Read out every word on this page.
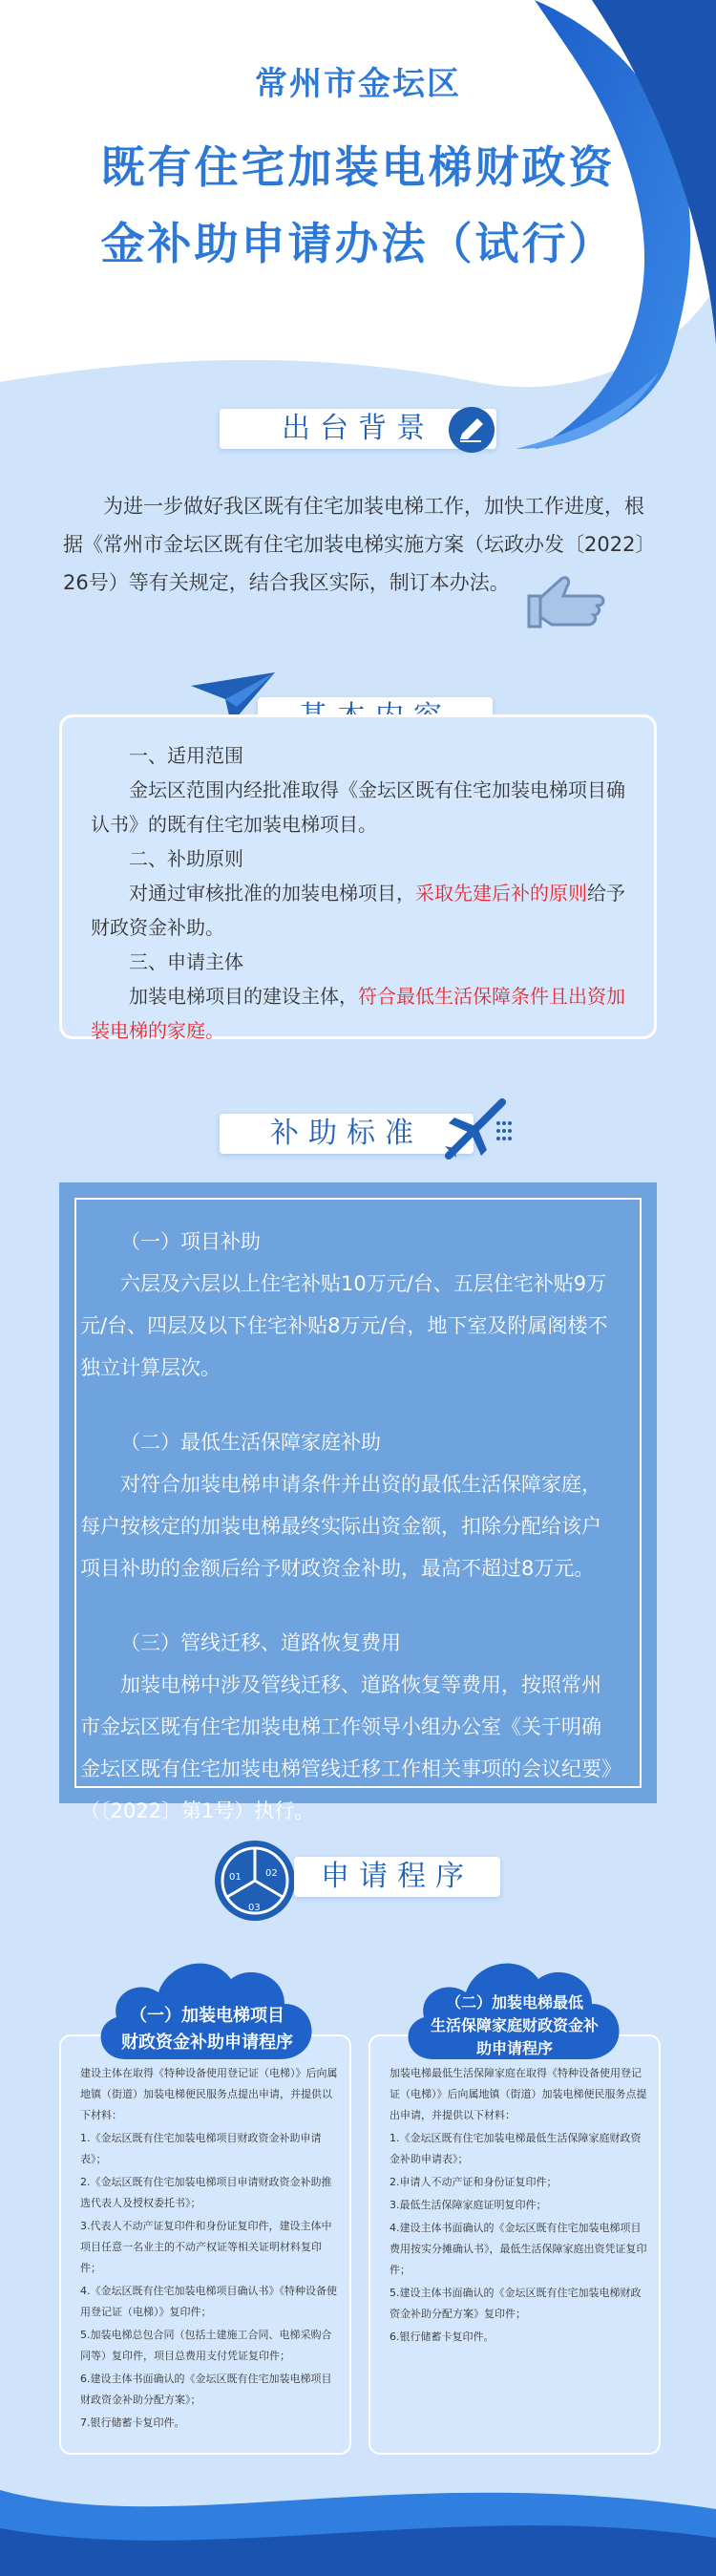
常州市金坛区
既有住宅加装电梯财政资
金补助申请办法（试行）
出台背景

为进一步做好我区既有住宅加装电梯工作，加快工作进度，根据《常州市金坛区既有住宅加装电梯实施方案（坛政办发〔2022〕26号）等有关规定，结合我区实际，制订本办法。

一、适用范围

金坛区范围内经批准取得《金坛区既有住宅加装电梯项目确认书》的既有住宅加装电梯项目。

二、补助原则

对通过审核批准的加装电梯项目，采取先建后补的原则给予财政资金补助。

三、申请主体

加装电梯项目的建设主体，符合最低生活保障条件且出资加装电梯的家庭。

补助标准

（一）项目补助

六层及六层以上住宅补贴10万元/台、五层住宅补贴9万元/台、四层及以下住宅补贴8万元/台，地下室及附属阁楼不独立计算层次。

（二）最低生活保障家庭补助

对符合加装电梯申请条件并出资的最低生活保障家庭，每户按核定的加装电梯最终实际出资金额，扣除分配给该户项目补助的金额后给予财政资金补助，最高不超过8万元。

（三）管线迁移、道路恢复费用

加装电梯中涉及管线迁移、道路恢复等费用，按照常州市金坛区既有住宅加装电梯工作领导小组办公室《关于明确金坛区既有住宅加装电梯管线迁移工作相关事项的会议纪要》（〔2022〕第1号）执行。

01	02
03
申请程序

建设主体在取得《特种设备使用登记证（电梯）》后向属地镇（街道）加装电梯便民服务点提出申请，并提供以下材料：

1.《金坛区既有住宅加装电梯项目财政资金补助申请表》；

2.《金坛区既有住宅加装电梯项目申请财政资金补助推选代表人及授权委托书》；

3.代表人不动产证复印件和身份证复印件，建设主体中项目任意一名业主的不动产权证等相关证明材料复印件；

4.《金坛区既有住宅加装电梯项目确认书》《特种设备使用登记证（电梯）》复印件；

5.加装电梯总包合同（包括土建施工合同、电梯采购合同等）复印件，项目总费用支付凭证复印件；

6.建设主体书面确认的《金坛区既有住宅加装电梯项目财政资金补助分配方案》；

7.银行储蓄卡复印件。

（一）加装电梯项目
财政资金补助申请程序

加装电梯最低生活保障家庭在取得《特种设备使用登记证（电梯）》后向属地镇（街道）加装电梯便民服务点提出申请，并提供以下材料：

1.《金坛区既有住宅加装电梯最低生活保障家庭财政资金补助申请表》；

2.申请人不动产证和身份证复印件；

3.最低生活保障家庭证明复印件；

4.建设主体书面确认的《金坛区既有住宅加装电梯项目费用按实分摊确认书》，最低生活保障家庭出资凭证复印件；

5.建设主体书面确认的《金坛区既有住宅加装电梯财政资金补助分配方案》复印件；

6.银行储蓄卡复印件。

（二）加装电梯最低
生活保障家庭财政资金补
助申请程序
